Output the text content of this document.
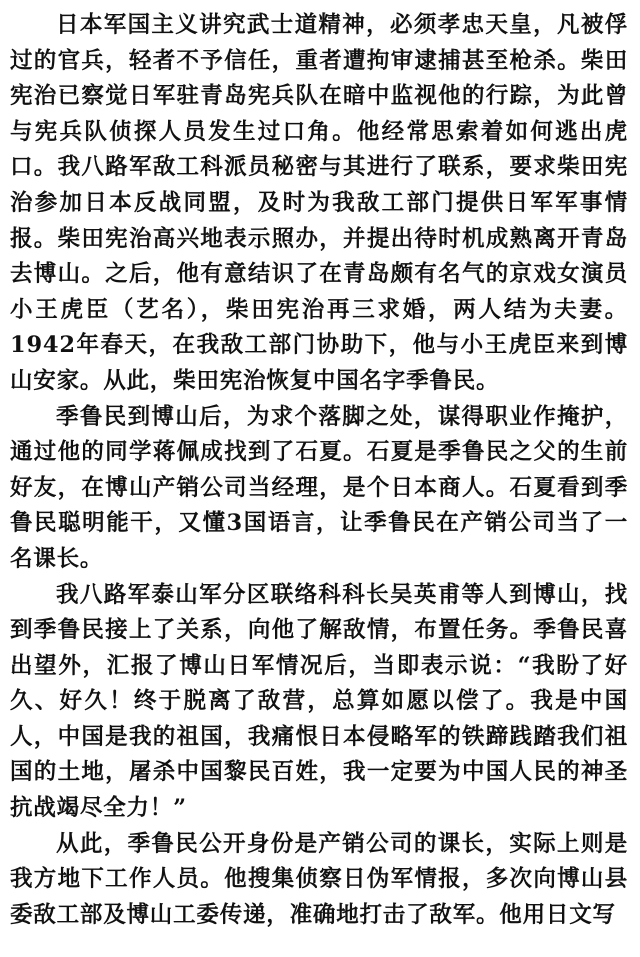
日本军国主义讲究武士道精神，必须孝忠天皇，凡被俘过的官兵，轻者不予信任，重者遭拘审逮捕甚至枪杀。柴田宪治已察觉日军驻青岛宪兵队在暗中监视他的行踪，为此曾与宪兵队侦探人员发生过口角。他经常思索着如何逃出虎口。我八路军敌工科派员秘密与其进行了联系，要求柴田宪治参加日本反战同盟，及时为我敌工部门提供日军军事情报。柴田宪治高兴地表示照办，并提出待时机成熟离开青岛去博山。之后，他有意结识了在青岛颇有名气的京戏女演员小王虎臣（艺名），柴田宪治再三求婚，两人结为夫妻。1942年春天，在我敌工部门协助下，他与小王虎臣来到博山安家。从此，柴田宪治恢复中国名字季鲁民。

季鲁民到博山后，为求个落脚之处，谋得职业作掩护，通过他的同学蒋佩成找到了石夏。石夏是季鲁民之父的生前好友，在博山产销公司当经理，是个日本商人。石夏看到季鲁民聪明能干，又懂3国语言，让季鲁民在产销公司当了一名课长。

我八路军泰山军分区联络科科长吴英甫等人到博山，找到季鲁民接上了关系，向他了解敌情，布置任务。季鲁民喜出望外，汇报了博山日军情况后，当即表示说：“我盼了好久、好久！终于脱离了敌营，总算如愿以偿了。我是中国人，中国是我的祖国，我痛恨日本侵略军的铁蹄践踏我们祖国的土地，屠杀中国黎民百姓，我一定要为中国人民的神圣抗战竭尽全力！”

从此，季鲁民公开身份是产销公司的课长，实际上则是我方地下工作人员。他搜集侦察日伪军情报，多次向博山县委敌工部及博山工委传递，准确地打击了敌军。他用日文写
